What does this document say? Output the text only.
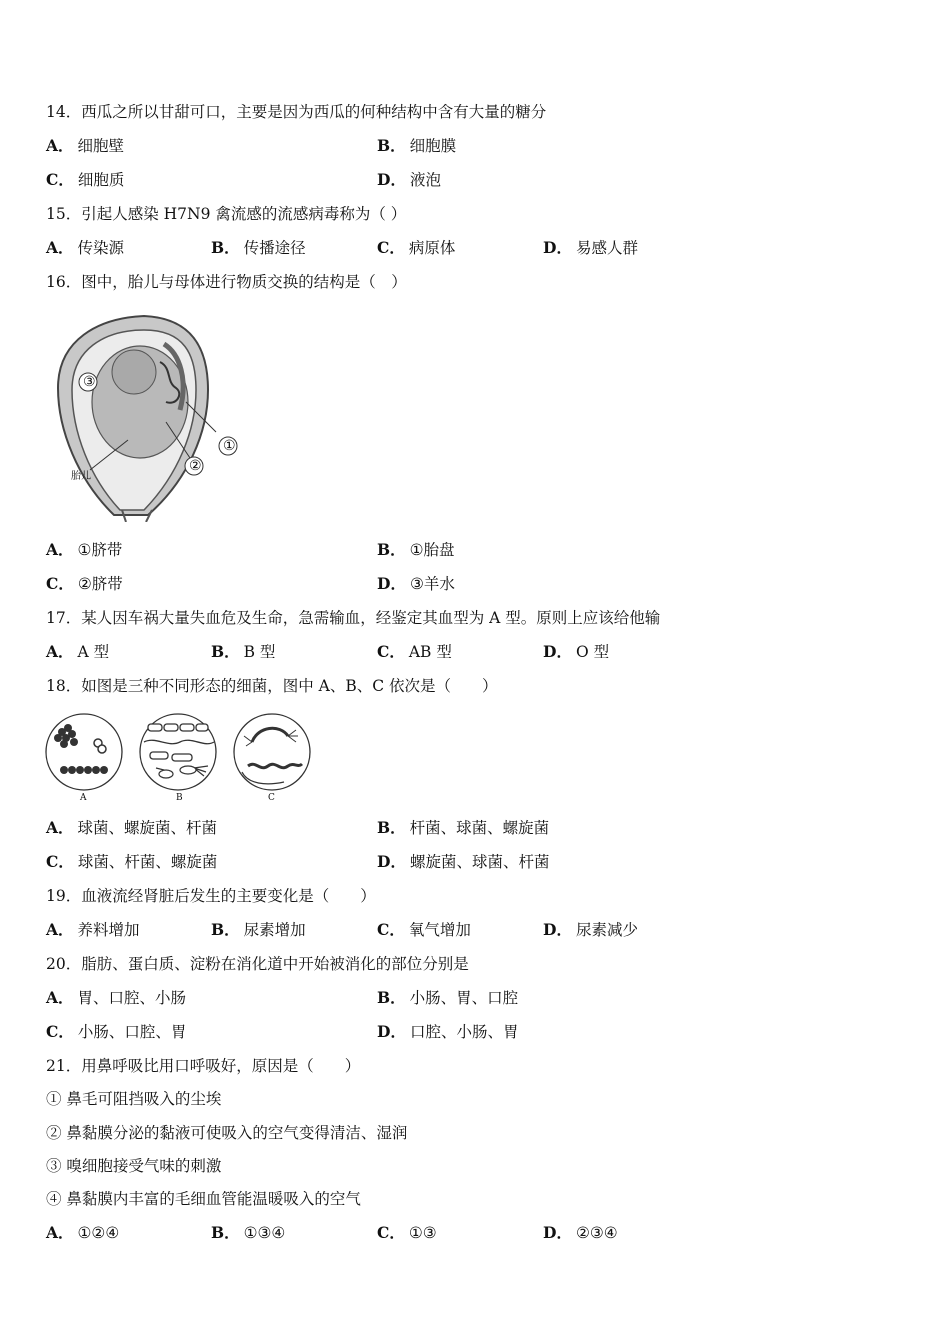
14．西瓜之所以甘甜可口，主要是因为西瓜的何种结构中含有大量的糖分
A． 细胞壁	B． 细胞膜
C． 细胞质	D． 液泡
15．引起人感染 H7N9 禽流感的流感病毒称为（ ）
A． 传染源	B． 传播途径	C． 病原体	D． 易感人群
16．图中，胎儿与母体进行物质交换的结构是（　）
①
②
③
胎儿
A． ①脐带	B． ①胎盘
C． ②脐带	D． ③羊水
17．某人因车祸大量失血危及生命，急需输血，经鉴定其血型为 A 型。原则上应该给他输
A． A 型	B． B 型	C． AB 型	D． O 型
18．如图是三种不同形态的细菌，图中 A、B、C 依次是（　　）
A	B	C
A． 球菌、螺旋菌、杆菌	B． 杆菌、球菌、螺旋菌
C． 球菌、杆菌、螺旋菌	D． 螺旋菌、球菌、杆菌
19．血液流经肾脏后发生的主要变化是（　　）
A． 养料增加	B． 尿素增加	C． 氧气增加	D． 尿素减少
20．脂肪、蛋白质、淀粉在消化道中开始被消化的部位分别是
A． 胃、口腔、小肠	B． 小肠、胃、口腔
C． 小肠、口腔、胃	D． 口腔、小肠、胃
21．用鼻呼吸比用口呼吸好，原因是（　　）
① 鼻毛可阻挡吸入的尘埃
② 鼻黏膜分泌的黏液可使吸入的空气变得清洁、湿润
③ 嗅细胞接受气味的刺激
④ 鼻黏膜内丰富的毛细血管能温暖吸入的空气
A． ①②④	B． ①③④	C． ①③	D． ②③④
